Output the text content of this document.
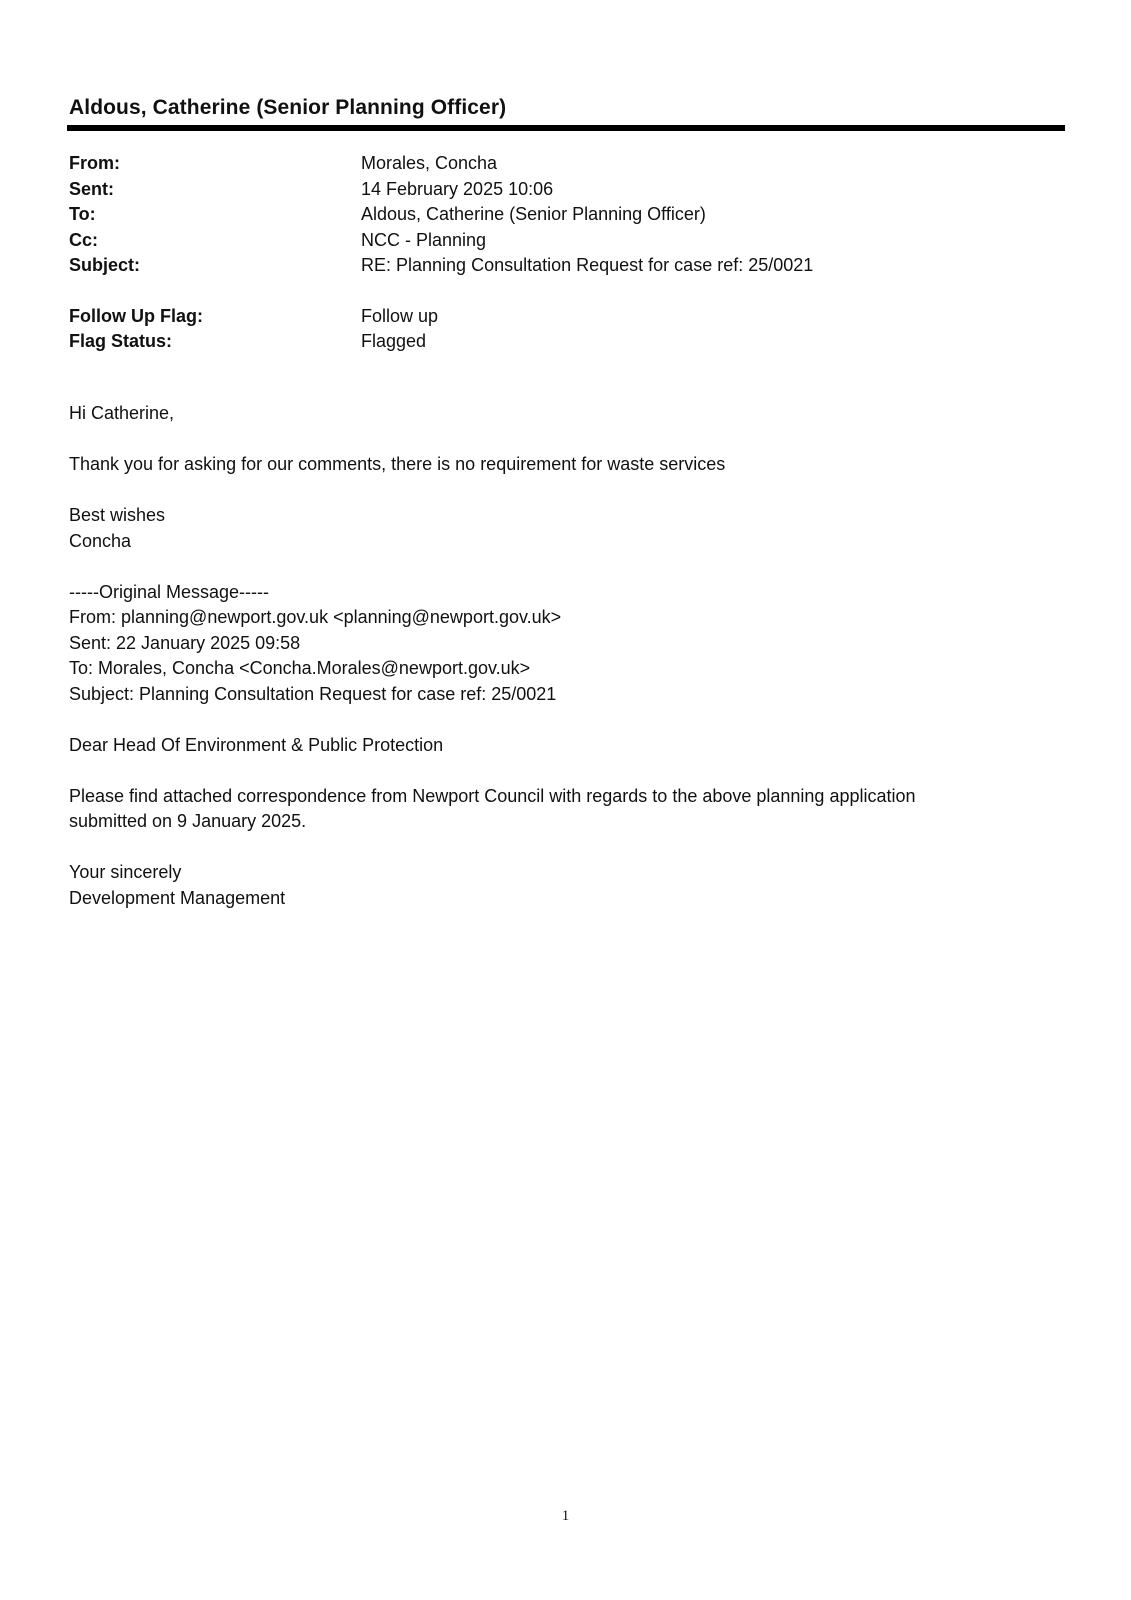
Aldous, Catherine (Senior Planning Officer)
From:	Morales, Concha
Sent:	14 February 2025 10:06
To:	Aldous, Catherine (Senior Planning Officer)
Cc:	NCC - Planning
Subject:	RE: Planning Consultation Request for case ref: 25/0021
Follow Up Flag:	Follow up
Flag Status:	Flagged

Hi Catherine,

Thank you for asking for our comments, there is no requirement for waste services

Best wishes
Concha

-----Original Message-----
From: planning@newport.gov.uk <planning@newport.gov.uk>
Sent: 22 January 2025 09:58
To: Morales, Concha <Concha.Morales@newport.gov.uk>
Subject: Planning Consultation Request for case ref: 25/0021

Dear Head Of Environment & Public Protection

Please find attached correspondence from Newport Council with regards to the above planning application
submitted on 9 January 2025.

Your sincerely
Development Management

1
